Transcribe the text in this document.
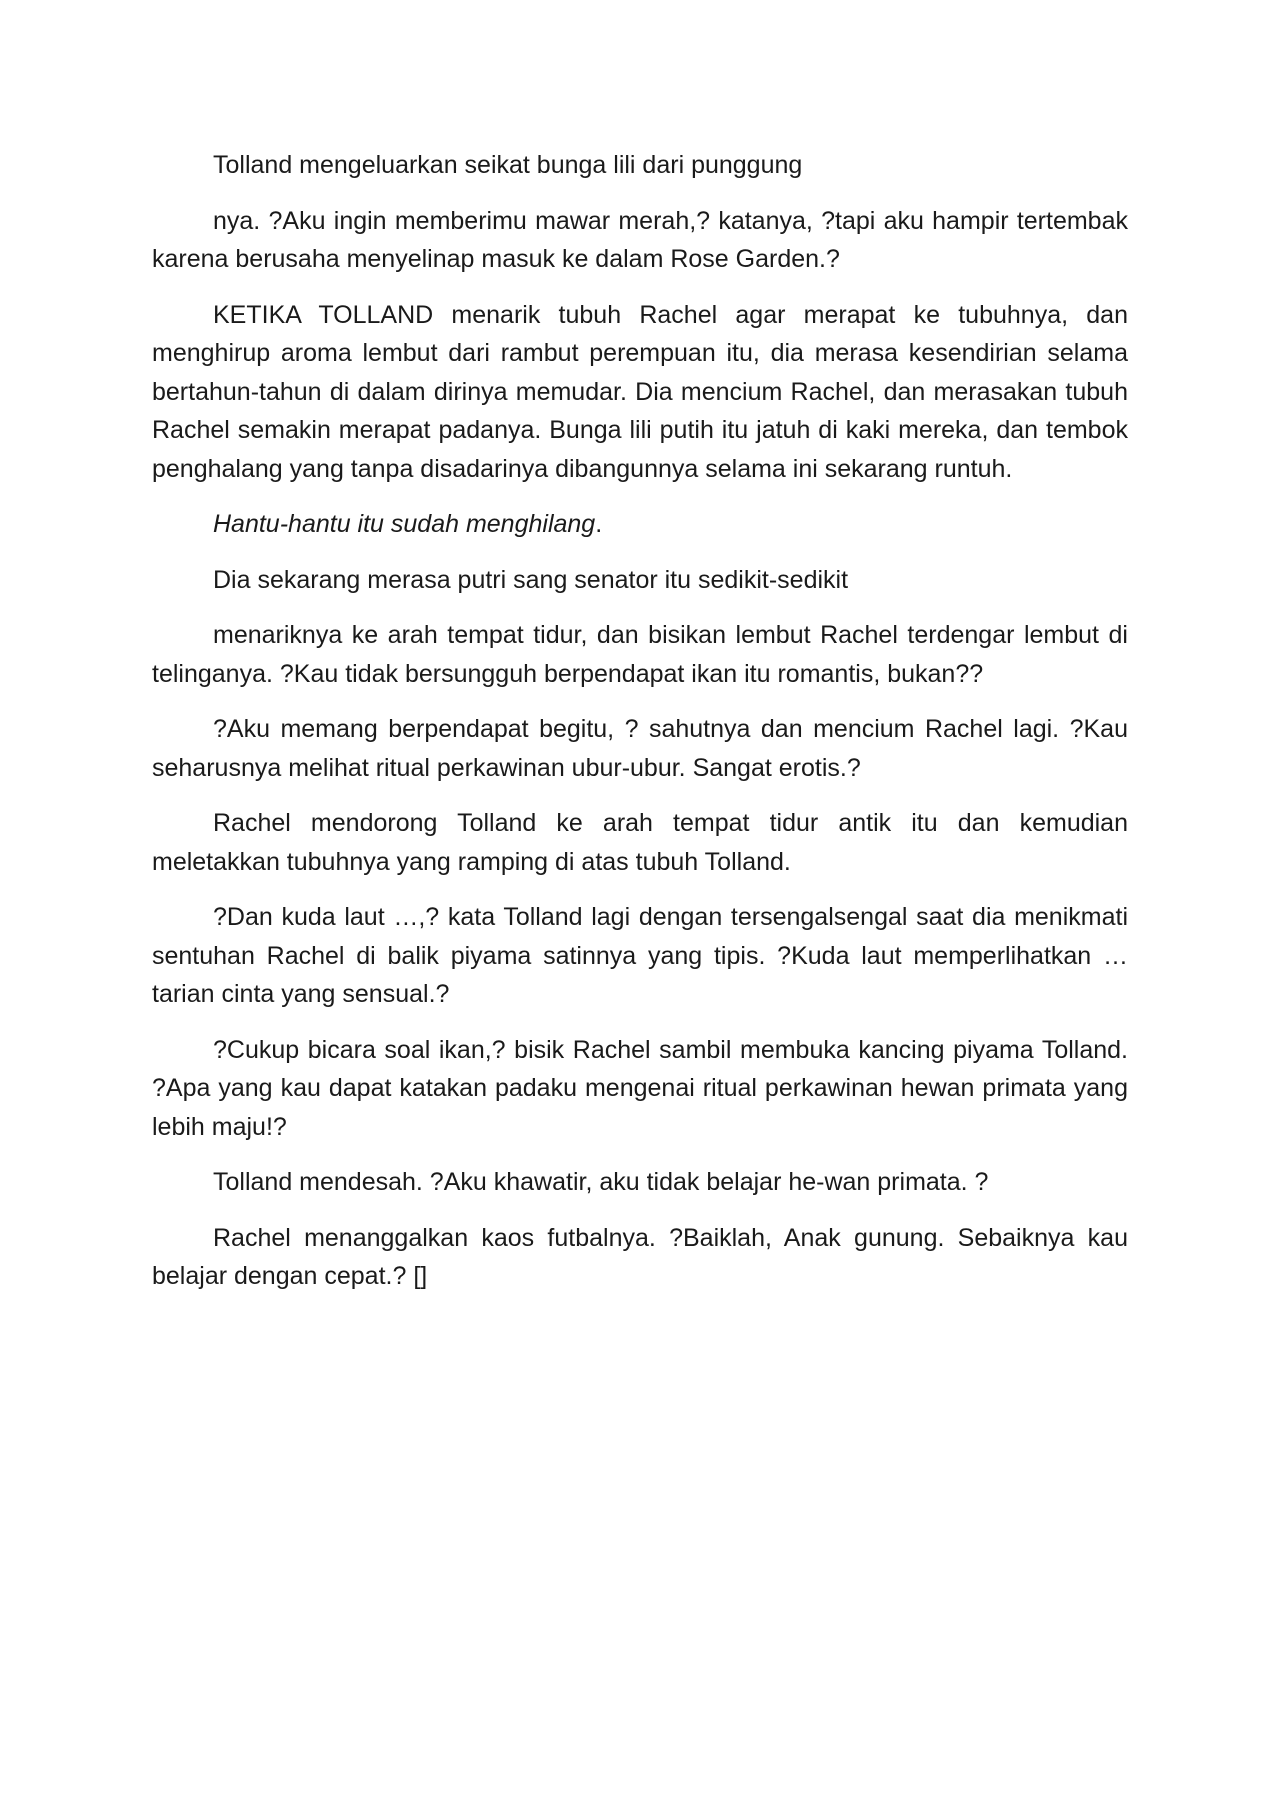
Tolland mengeluarkan seikat bunga lili dari punggung

nya. ?Aku ingin memberimu mawar merah,? katanya, ?tapi aku hampir tertembak karena berusaha menyelinap masuk ke dalam Rose Garden.?

KETIKA TOLLAND menarik tubuh Rachel agar merapat ke tubuhnya, dan menghirup aroma lembut dari rambut perempuan itu, dia merasa kesendirian selama bertahun-tahun di dalam dirinya memudar. Dia mencium Rachel, dan merasakan tubuh Rachel semakin merapat padanya. Bunga lili putih itu jatuh di kaki mereka, dan tembok penghalang yang tanpa disadarinya dibangunnya selama ini sekarang runtuh.

Hantu-hantu itu sudah menghilang.

Dia sekarang merasa putri sang senator itu sedikit-sedikit

menariknya ke arah tempat tidur, dan bisikan lembut Rachel terdengar lembut di telinganya. ?Kau tidak bersungguh berpendapat ikan itu romantis, bukan??

?Aku memang berpendapat begitu, ? sahutnya dan mencium Rachel lagi. ?Kau seharusnya melihat ritual perkawinan ubur-ubur. Sangat erotis.?

Rachel mendorong Tolland ke arah tempat tidur antik itu dan kemudian meletakkan tubuhnya yang ramping di atas tubuh Tolland.

?Dan kuda laut …,? kata Tolland lagi dengan tersengalsengal saat dia menikmati sentuhan Rachel di balik piyama satinnya yang tipis. ?Kuda laut memperlihatkan … tarian cinta yang sensual.?

?Cukup bicara soal ikan,? bisik Rachel sambil membuka kancing piyama Tolland. ?Apa yang kau dapat katakan padaku mengenai ritual perkawinan hewan primata yang lebih maju!?

Tolland mendesah. ?Aku khawatir, aku tidak belajar he-wan primata. ?

Rachel menanggalkan kaos futbalnya. ?Baiklah, Anak gunung. Sebaiknya kau belajar dengan cepat.? []
